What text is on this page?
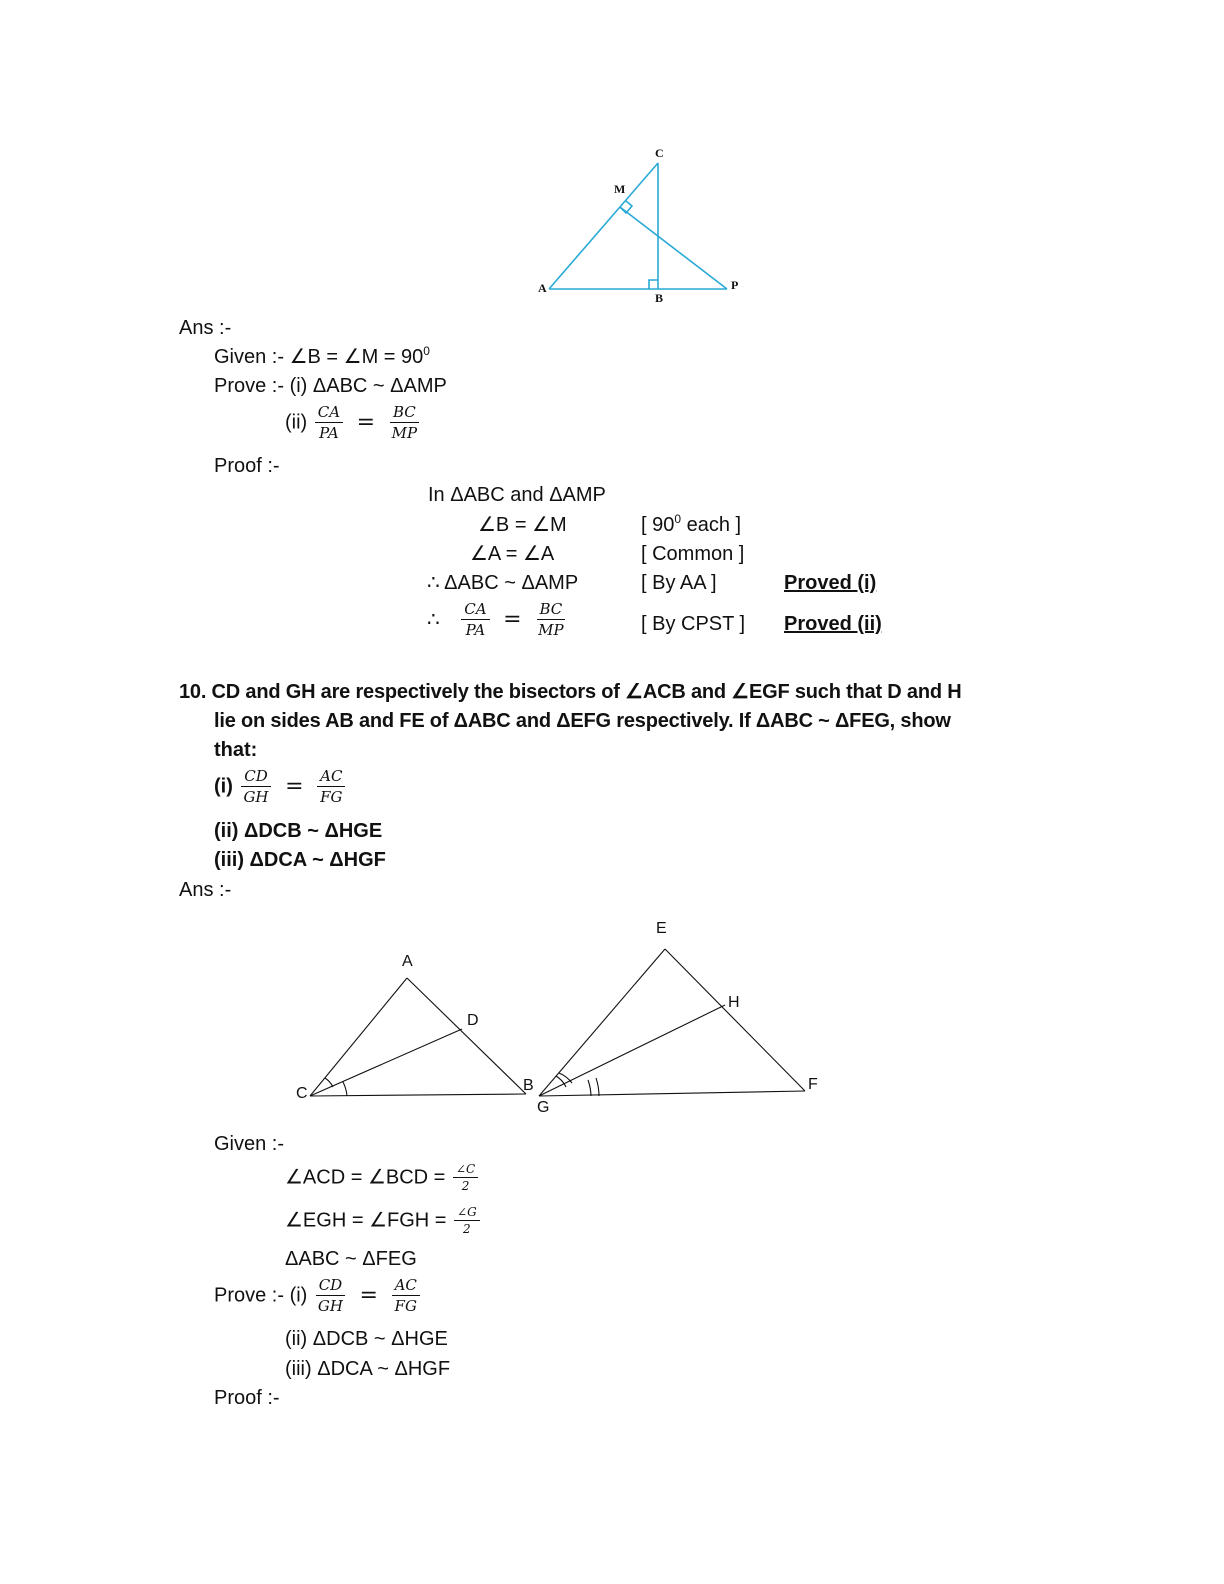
C
M
A
B
P
Ans :-
Given :- ∠B = ∠M = $90^0$
Prove :- (i) ΔABC ~ ΔAMP
$(ii) \frac{CA}{PA} = \frac{BC}{MP}$
Proof :-
In ΔABC and ΔAMP
∠B = ∠M	[ $90^0$ each ]
∠A = ∠A	[ Common ]
∴ ΔABC ~ ΔAMP	[ By AA ]	Proved (i)
∴ $\frac{CA}{PA} = \frac{BC}{MP}$	[ By CPST ] Proved (ii)
10. CD and GH are respectively the bisectors of ∠ACB and ∠EGF such that D and H
lie on sides AB and FE of ΔABC and ΔEFG respectively. If ΔABC ~ ΔFEG, show
that:
$(i) \frac{CD}{GH} = \frac{AC}{FG}$
(ii) ΔDCB ~ ΔHGE
(iii) ΔDCA ~ ΔHGF
Ans :-
A
D
C	B
E
H
F
G
Given :-
∠ACD = ∠BCD = $\frac{\angle C}{2}$
∠EGH = ∠FGH = $\frac{\angle G}{2}$
ΔABC ~ ΔFEG
Prove :- $(i) \frac{CD}{GH} = \frac{AC}{FG}$
(ii) ΔDCB ~ ΔHGE
(iii) ΔDCA ~ ΔHGF
Proof :-
